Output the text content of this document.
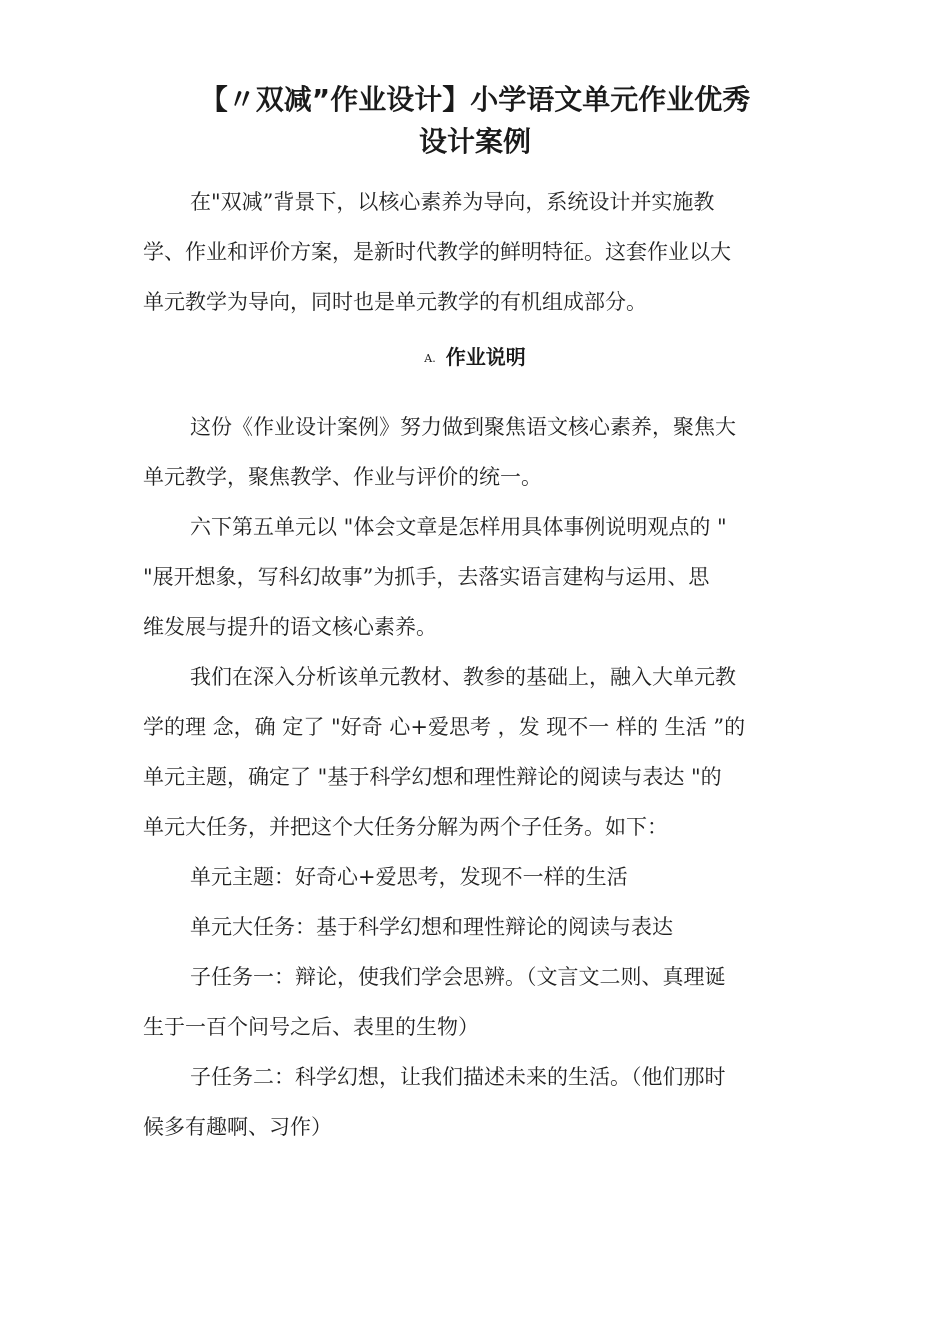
【〃双减”作业设计】小学语文单元作业优秀
设计案例
在"双减”背景下，以核心素养为导向，系统设计并实施教
学、作业和评价方案，是新时代教学的鲜明特征。这套作业以大
单元教学为导向，同时也是单元教学的有机组成部分。
A. 作业说明
这份《作业设计案例》努力做到聚焦语文核心素养，聚焦大
单元教学，聚焦教学、作业与评价的统一。
六下第五单元以 "体会文章是怎样用具体事例说明观点的 "
"展开想象，写科幻故事”为抓手，去落实语言建构与运用、思
维发展与提升的语文核心素养。
我们在深入分析该单元教材、教参的基础上，融入大单元教
学的理 念，确 定了 "好奇 心+爱思考 ，发 现不一 样的 生活 ”的
单元主题，确定了 "基于科学幻想和理性辩论的阅读与表达 "的
单元大任务，并把这个大任务分解为两个子任务。如下：
单元主题：好奇心+爱思考，发现不一样的生活
单元大任务：基于科学幻想和理性辩论的阅读与表达
子任务一：辩论，使我们学会思辨。（文言文二则、真理诞
生于一百个问号之后、表里的生物）
子任务二：科学幻想，让我们描述未来的生活。（他们那时
候多有趣啊、习作）
